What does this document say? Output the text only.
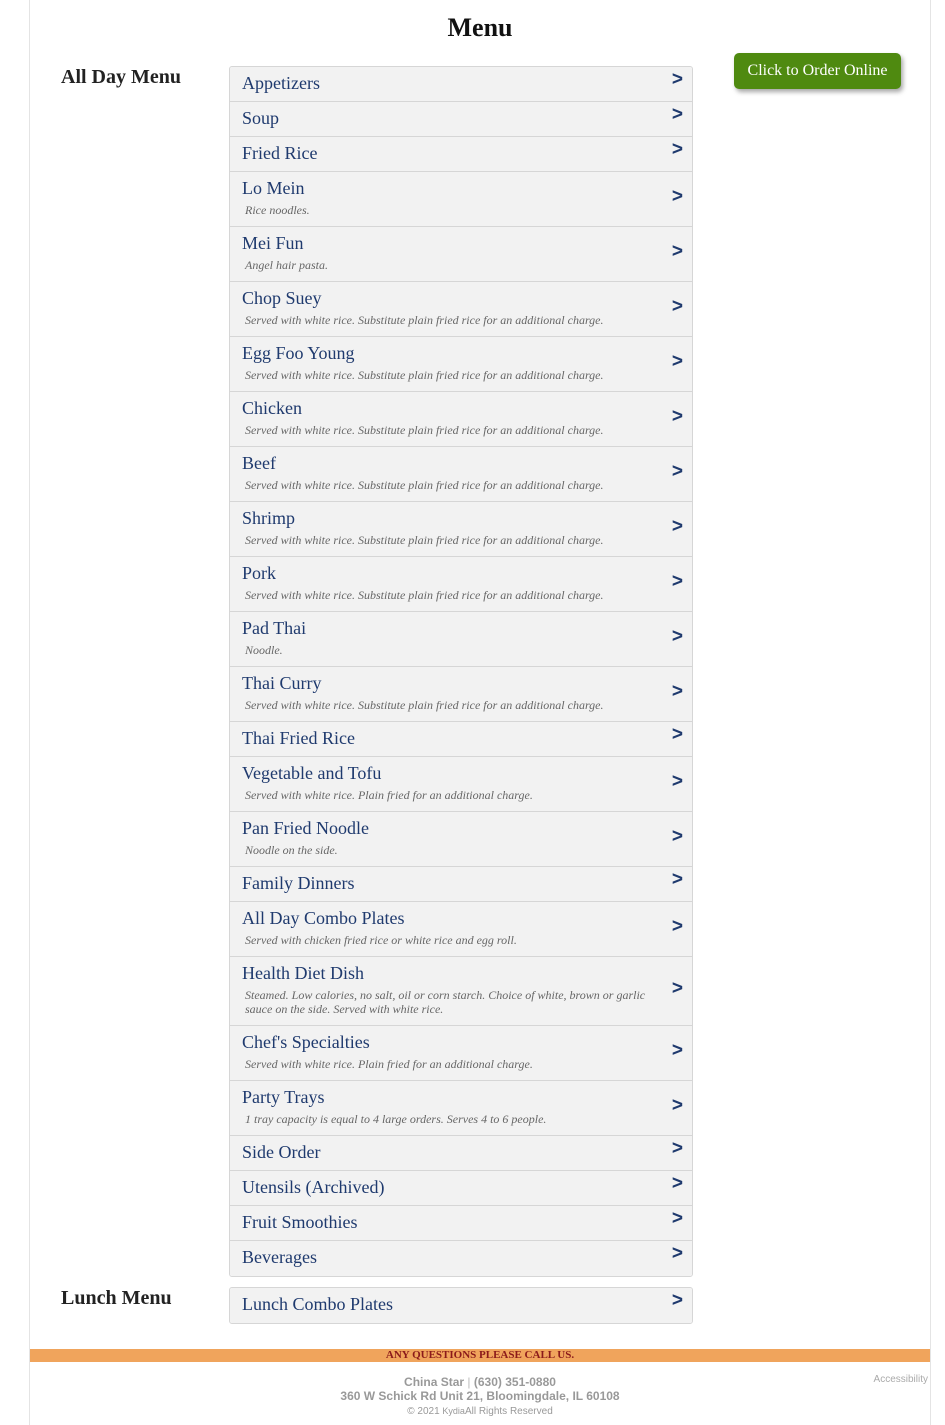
Menu
Click to Order Online
All Day Menu	Appetizers	>
Soup	>
Fried Rice	>
Lo Mein
Rice noodles.
>
Mei Fun
Angel hair pasta.
>
Chop Suey
Served with white rice. Substitute plain fried rice for an additional charge.
>
Egg Foo Young
Served with white rice. Substitute plain fried rice for an additional charge.
>
Chicken
Served with white rice. Substitute plain fried rice for an additional charge.
>
Beef
Served with white rice. Substitute plain fried rice for an additional charge.
>
Shrimp
Served with white rice. Substitute plain fried rice for an additional charge.
>
Pork
Served with white rice. Substitute plain fried rice for an additional charge.
>
Pad Thai
Noodle.
>
Thai Curry
Served with white rice. Substitute plain fried rice for an additional charge.
>
Thai Fried Rice	>
Vegetable and Tofu
Served with white rice. Plain fried for an additional charge.
>
Pan Fried Noodle
Noodle on the side.
>
Family Dinners	>
All Day Combo Plates
Served with chicken fried rice or white rice and egg roll.
>
Health Diet Dish
Steamed. Low calories, no salt, oil or corn starch. Choice of white, brown or garlic sauce on the side. Served with white rice.
>
Chef's Specialties
Served with white rice. Plain fried for an additional charge.
>
Party Trays
1 tray capacity is equal to 4 large orders. Serves 4 to 6 people.
>
Side Order	>
Utensils (Archived)	>
Fruit Smoothies	>
Beverages	>
Lunch Menu	Lunch Combo Plates	>
ANY QUESTIONS PLEASE CALL US.
China Star | (630) 351-0880
360 W Schick Rd Unit 21, Bloomingdale, IL 60108
© 2021 KydiaAll Rights Reserved
Accessibility
